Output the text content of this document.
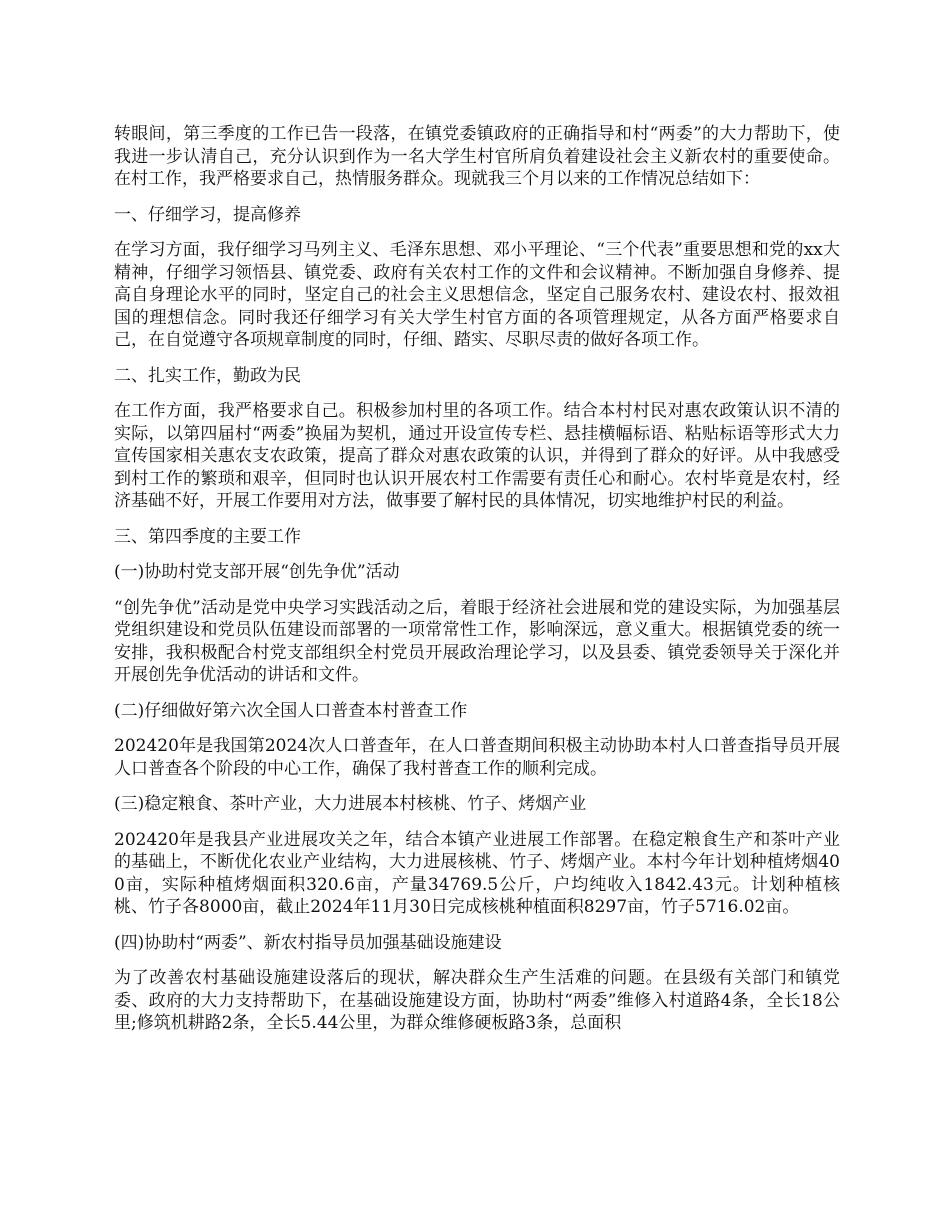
转眼间，第三季度的工作已告一段落，在镇党委镇政府的正确指导和村“两委”的大力帮助下，使我进一步认清自己，充分认识到作为一名大学生村官所肩负着建设社会主义新农村的重要使命。在村工作，我严格要求自己，热情服务群众。现就我三个月以来的工作情况总结如下：

一、仔细学习，提高修养

在学习方面，我仔细学习马列主义、毛泽东思想、邓小平理论、“三个代表”重要思想和党的xx大精神，仔细学习领悟县、镇党委、政府有关农村工作的文件和会议精神。不断加强自身修养、提高自身理论水平的同时，坚定自己的社会主义思想信念，坚定自己服务农村、建设农村、报效祖国的理想信念。同时我还仔细学习有关大学生村官方面的各项管理规定，从各方面严格要求自己，在自觉遵守各项规章制度的同时，仔细、踏实、尽职尽责的做好各项工作。

二、扎实工作，勤政为民

在工作方面，我严格要求自己。积极参加村里的各项工作。结合本村村民对惠农政策认识不清的实际，以第四届村“两委”换届为契机，通过开设宣传专栏、悬挂横幅标语、粘贴标语等形式大力宣传国家相关惠农支农政策，提高了群众对惠农政策的认识，并得到了群众的好评。从中我感受到村工作的繁琐和艰辛，但同时也认识开展农村工作需要有责任心和耐心。农村毕竟是农村，经济基础不好，开展工作要用对方法，做事要了解村民的具体情况，切实地维护村民的利益。

三、第四季度的主要工作

(一)协助村党支部开展“创先争优”活动

“创先争优”活动是党中央学习实践活动之后，着眼于经济社会进展和党的建设实际，为加强基层党组织建设和党员队伍建设而部署的一项常常性工作，影响深远，意义重大。根据镇党委的统一安排，我积极配合村党支部组织全村党员开展政治理论学习，以及县委、镇党委领导关于深化并开展创先争优活动的讲话和文件。

(二)仔细做好第六次全国人口普查本村普查工作

202420年是我国第2024次人口普查年，在人口普查期间积极主动协助本村人口普查指导员开展人口普查各个阶段的中心工作，确保了我村普查工作的顺利完成。

(三)稳定粮食、茶叶产业，大力进展本村核桃、竹子、烤烟产业

202420年是我县产业进展攻关之年，结合本镇产业进展工作部署。在稳定粮食生产和茶叶产业的基础上，不断优化农业产业结构，大力进展核桃、竹子、烤烟产业。本村今年计划种植烤烟400亩，实际种植烤烟面积320.6亩，产量34769.5公斤，户均纯收入1842.43元。计划种植核桃、竹子各8000亩，截止2024年11月30日完成核桃种植面积8297亩，竹子5716.02亩。

(四)协助村“两委”、新农村指导员加强基础设施建设

为了改善农村基础设施建设落后的现状，解决群众生产生活难的问题。在县级有关部门和镇党委、政府的大力支持帮助下，在基础设施建设方面，协助村“两委”维修入村道路4条，全长18公里;修筑机耕路2条，全长5.44公里，为群众维修硬板路3条，总面积
